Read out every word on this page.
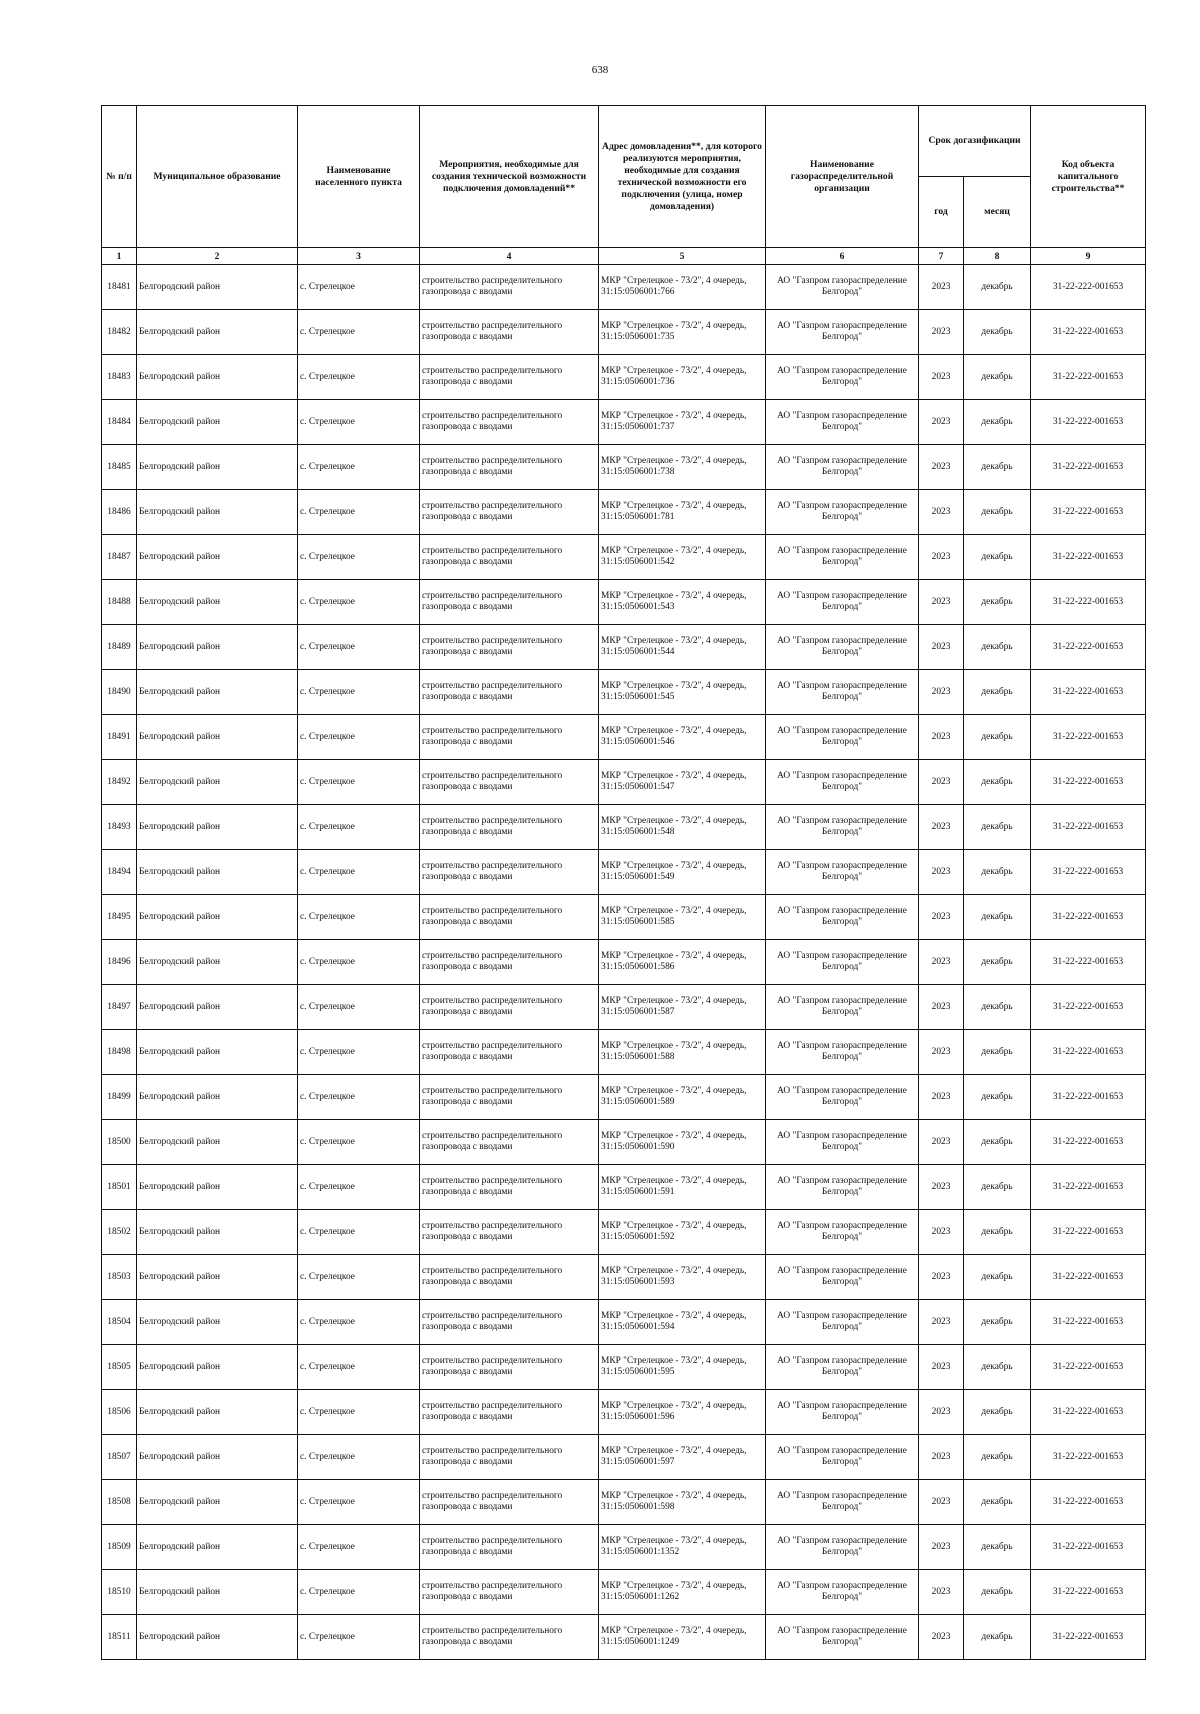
638
№ п/п	Муниципальное образование	Наименование населенного пункта	Мероприятия, необходимые для создания технической возможности подключения домовладений**	Адрес домовладения**, для которого реализуются мероприятия, необходимые для создания технической возможности его подключения (улица, номер домовладения)	Наименование газораспределительной организации	Срок догазификации		Код объекта капитального строительства**
						год	месяц	
1	2	3	4	5	6	7	8	9
18481	Белгородский район	с. Стрелецкое	строительство распределительного газопровода с вводами	МКР "Стрелецкое - 73/2", 4 очередь, 31:15:0506001:766	АО "Газпром газораспределение Белгород"	2023	декабрь	31-22-222-001653
18482	Белгородский район	с. Стрелецкое	строительство распределительного газопровода с вводами	МКР "Стрелецкое - 73/2", 4 очередь, 31:15:0506001:735	АО "Газпром газораспределение Белгород"	2023	декабрь	31-22-222-001653
18483	Белгородский район	с. Стрелецкое	строительство распределительного газопровода с вводами	МКР "Стрелецкое - 73/2", 4 очередь, 31:15:0506001:736	АО "Газпром газораспределение Белгород"	2023	декабрь	31-22-222-001653
18484	Белгородский район	с. Стрелецкое	строительство распределительного газопровода с вводами	МКР "Стрелецкое - 73/2", 4 очередь, 31:15:0506001:737	АО "Газпром газораспределение Белгород"	2023	декабрь	31-22-222-001653
18485	Белгородский район	с. Стрелецкое	строительство распределительного газопровода с вводами	МКР "Стрелецкое - 73/2", 4 очередь, 31:15:0506001:738	АО "Газпром газораспределение Белгород"	2023	декабрь	31-22-222-001653
18486	Белгородский район	с. Стрелецкое	строительство распределительного газопровода с вводами	МКР "Стрелецкое - 73/2", 4 очередь, 31:15:0506001:781	АО "Газпром газораспределение Белгород"	2023	декабрь	31-22-222-001653
18487	Белгородский район	с. Стрелецкое	строительство распределительного газопровода с вводами	МКР "Стрелецкое - 73/2", 4 очередь, 31:15:0506001:542	АО "Газпром газораспределение Белгород"	2023	декабрь	31-22-222-001653
18488	Белгородский район	с. Стрелецкое	строительство распределительного газопровода с вводами	МКР "Стрелецкое - 73/2", 4 очередь, 31:15:0506001:543	АО "Газпром газораспределение Белгород"	2023	декабрь	31-22-222-001653
18489	Белгородский район	с. Стрелецкое	строительство распределительного газопровода с вводами	МКР "Стрелецкое - 73/2", 4 очередь, 31:15:0506001:544	АО "Газпром газораспределение Белгород"	2023	декабрь	31-22-222-001653
18490	Белгородский район	с. Стрелецкое	строительство распределительного газопровода с вводами	МКР "Стрелецкое - 73/2", 4 очередь, 31:15:0506001:545	АО "Газпром газораспределение Белгород"	2023	декабрь	31-22-222-001653
18491	Белгородский район	с. Стрелецкое	строительство распределительного газопровода с вводами	МКР "Стрелецкое - 73/2", 4 очередь, 31:15:0506001:546	АО "Газпром газораспределение Белгород"	2023	декабрь	31-22-222-001653
18492	Белгородский район	с. Стрелецкое	строительство распределительного газопровода с вводами	МКР "Стрелецкое - 73/2", 4 очередь, 31:15:0506001:547	АО "Газпром газораспределение Белгород"	2023	декабрь	31-22-222-001653
18493	Белгородский район	с. Стрелецкое	строительство распределительного газопровода с вводами	МКР "Стрелецкое - 73/2", 4 очередь, 31:15:0506001:548	АО "Газпром газораспределение Белгород"	2023	декабрь	31-22-222-001653
18494	Белгородский район	с. Стрелецкое	строительство распределительного газопровода с вводами	МКР "Стрелецкое - 73/2", 4 очередь, 31:15:0506001:549	АО "Газпром газораспределение Белгород"	2023	декабрь	31-22-222-001653
18495	Белгородский район	с. Стрелецкое	строительство распределительного газопровода с вводами	МКР "Стрелецкое - 73/2", 4 очередь, 31:15:0506001:585	АО "Газпром газораспределение Белгород"	2023	декабрь	31-22-222-001653
18496	Белгородский район	с. Стрелецкое	строительство распределительного газопровода с вводами	МКР "Стрелецкое - 73/2", 4 очередь, 31:15:0506001:586	АО "Газпром газораспределение Белгород"	2023	декабрь	31-22-222-001653
18497	Белгородский район	с. Стрелецкое	строительство распределительного газопровода с вводами	МКР "Стрелецкое - 73/2", 4 очередь, 31:15:0506001:587	АО "Газпром газораспределение Белгород"	2023	декабрь	31-22-222-001653
18498	Белгородский район	с. Стрелецкое	строительство распределительного газопровода с вводами	МКР "Стрелецкое - 73/2", 4 очередь, 31:15:0506001:588	АО "Газпром газораспределение Белгород"	2023	декабрь	31-22-222-001653
18499	Белгородский район	с. Стрелецкое	строительство распределительного газопровода с вводами	МКР "Стрелецкое - 73/2", 4 очередь, 31:15:0506001:589	АО "Газпром газораспределение Белгород"	2023	декабрь	31-22-222-001653
18500	Белгородский район	с. Стрелецкое	строительство распределительного газопровода с вводами	МКР "Стрелецкое - 73/2", 4 очередь, 31:15:0506001:590	АО "Газпром газораспределение Белгород"	2023	декабрь	31-22-222-001653
18501	Белгородский район	с. Стрелецкое	строительство распределительного газопровода с вводами	МКР "Стрелецкое - 73/2", 4 очередь, 31:15:0506001:591	АО "Газпром газораспределение Белгород"	2023	декабрь	31-22-222-001653
18502	Белгородский район	с. Стрелецкое	строительство распределительного газопровода с вводами	МКР "Стрелецкое - 73/2", 4 очередь, 31:15:0506001:592	АО "Газпром газораспределение Белгород"	2023	декабрь	31-22-222-001653
18503	Белгородский район	с. Стрелецкое	строительство распределительного газопровода с вводами	МКР "Стрелецкое - 73/2", 4 очередь, 31:15:0506001:593	АО "Газпром газораспределение Белгород"	2023	декабрь	31-22-222-001653
18504	Белгородский район	с. Стрелецкое	строительство распределительного газопровода с вводами	МКР "Стрелецкое - 73/2", 4 очередь, 31:15:0506001:594	АО "Газпром газораспределение Белгород"	2023	декабрь	31-22-222-001653
18505	Белгородский район	с. Стрелецкое	строительство распределительного газопровода с вводами	МКР "Стрелецкое - 73/2", 4 очередь, 31:15:0506001:595	АО "Газпром газораспределение Белгород"	2023	декабрь	31-22-222-001653
18506	Белгородский район	с. Стрелецкое	строительство распределительного газопровода с вводами	МКР "Стрелецкое - 73/2", 4 очередь, 31:15:0506001:596	АО "Газпром газораспределение Белгород"	2023	декабрь	31-22-222-001653
18507	Белгородский район	с. Стрелецкое	строительство распределительного газопровода с вводами	МКР "Стрелецкое - 73/2", 4 очередь, 31:15:0506001:597	АО "Газпром газораспределение Белгород"	2023	декабрь	31-22-222-001653
18508	Белгородский район	с. Стрелецкое	строительство распределительного газопровода с вводами	МКР "Стрелецкое - 73/2", 4 очередь, 31:15:0506001:598	АО "Газпром газораспределение Белгород"	2023	декабрь	31-22-222-001653
18509	Белгородский район	с. Стрелецкое	строительство распределительного газопровода с вводами	МКР "Стрелецкое - 73/2", 4 очередь, 31:15:0506001:1352	АО "Газпром газораспределение Белгород"	2023	декабрь	31-22-222-001653
18510	Белгородский район	с. Стрелецкое	строительство распределительного газопровода с вводами	МКР "Стрелецкое - 73/2", 4 очередь, 31:15:0506001:1262	АО "Газпром газораспределение Белгород"	2023	декабрь	31-22-222-001653
18511	Белгородский район	с. Стрелецкое	строительство распределительного газопровода с вводами	МКР "Стрелецкое - 73/2", 4 очередь, 31:15:0506001:1249	АО "Газпром газораспределение Белгород"	2023	декабрь	31-22-222-001653
